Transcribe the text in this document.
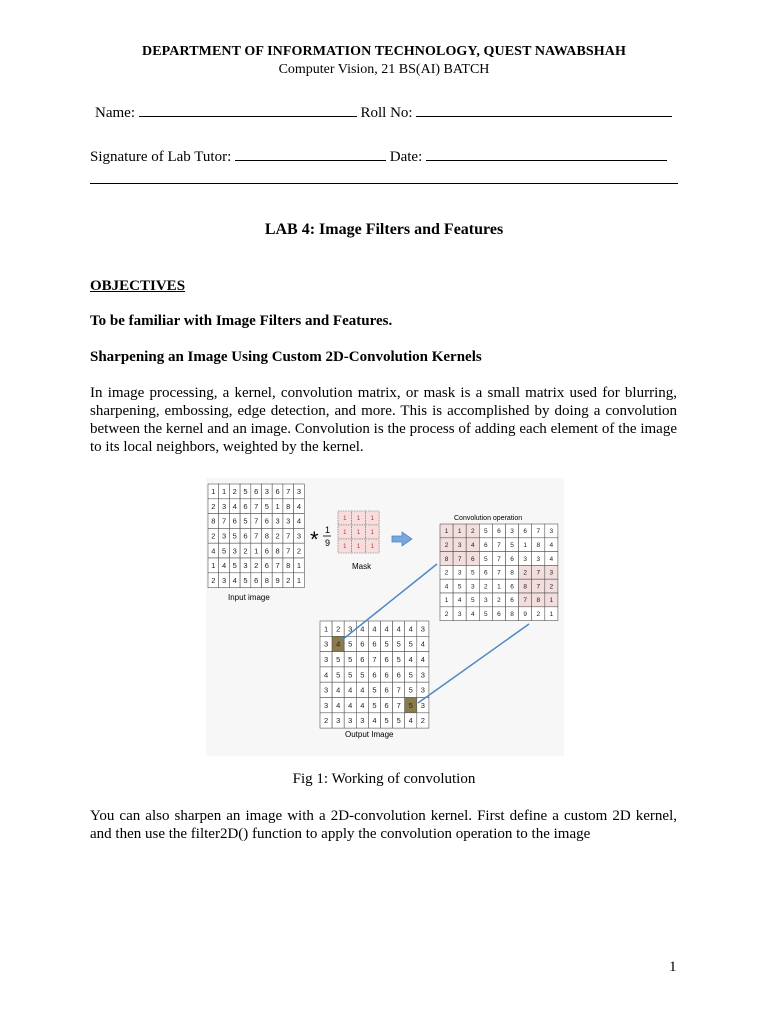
DEPARTMENT OF INFORMATION TECHNOLOGY, QUEST NAWABSHAH
Computer Vision, 21 BS(AI) BATCH
Name:	Roll No:
Signature of Lab Tutor:	Date:
LAB 4: Image Filters and Features
OBJECTIVES
To be familiar with Image Filters and Features.
Sharpening an Image Using Custom 2D-Convolution Kernels
In image processing, a kernel, convolution matrix, or mask is a small matrix used for blurring, sharpening, embossing, edge detection, and more. This is accomplished by doing a convolution between the kernel and an image. Convolution is the process of adding each element of the image to its local neighbors, weighted by the kernel.
1 1 2 5 6 3 6 7 3
2 3 4 6 7 5 1 8 4
8 7 6 5 7 6 3 3 4
2 3 5 6 7 8 2 7 3
4 5 3 2 1 6 8 7 2
1 4 5 3 2 6 7 8 1
2 3 4 5 6 8 9 2 1
Input image
* 1
9
1 1 1
1 1 1
1 1 1
Mask
Convolution operation
1 1 2 5 6 3 6 7 3
2 3 4 6 7 5 1 8 4
8 7 6 5 7 6 3 3 4
2 3 5 6 7 8 2 7 3
4 5 3 2 1 6 8 7 2
1 4 5 3 2 6 7 8 1
2 3 4 5 6 8 9 2 1
1 2 3 4 4 4 4 4 3
3 4 5 6 6 5 5 5 4
3 5 5 6 7 6 5 4 4
4 5 5 5 6 6 6 5 3
3 4 4 4 5 6 7 5 3
3 4 4 4 5 6 7 5 3
2 3 3 3 4 5 5 4 2
Output Image
Fig 1: Working of convolution
You can also sharpen an image with a 2D-convolution kernel. First define a custom 2D kernel, and then use the filter2D() function to apply the convolution operation to the image
1
